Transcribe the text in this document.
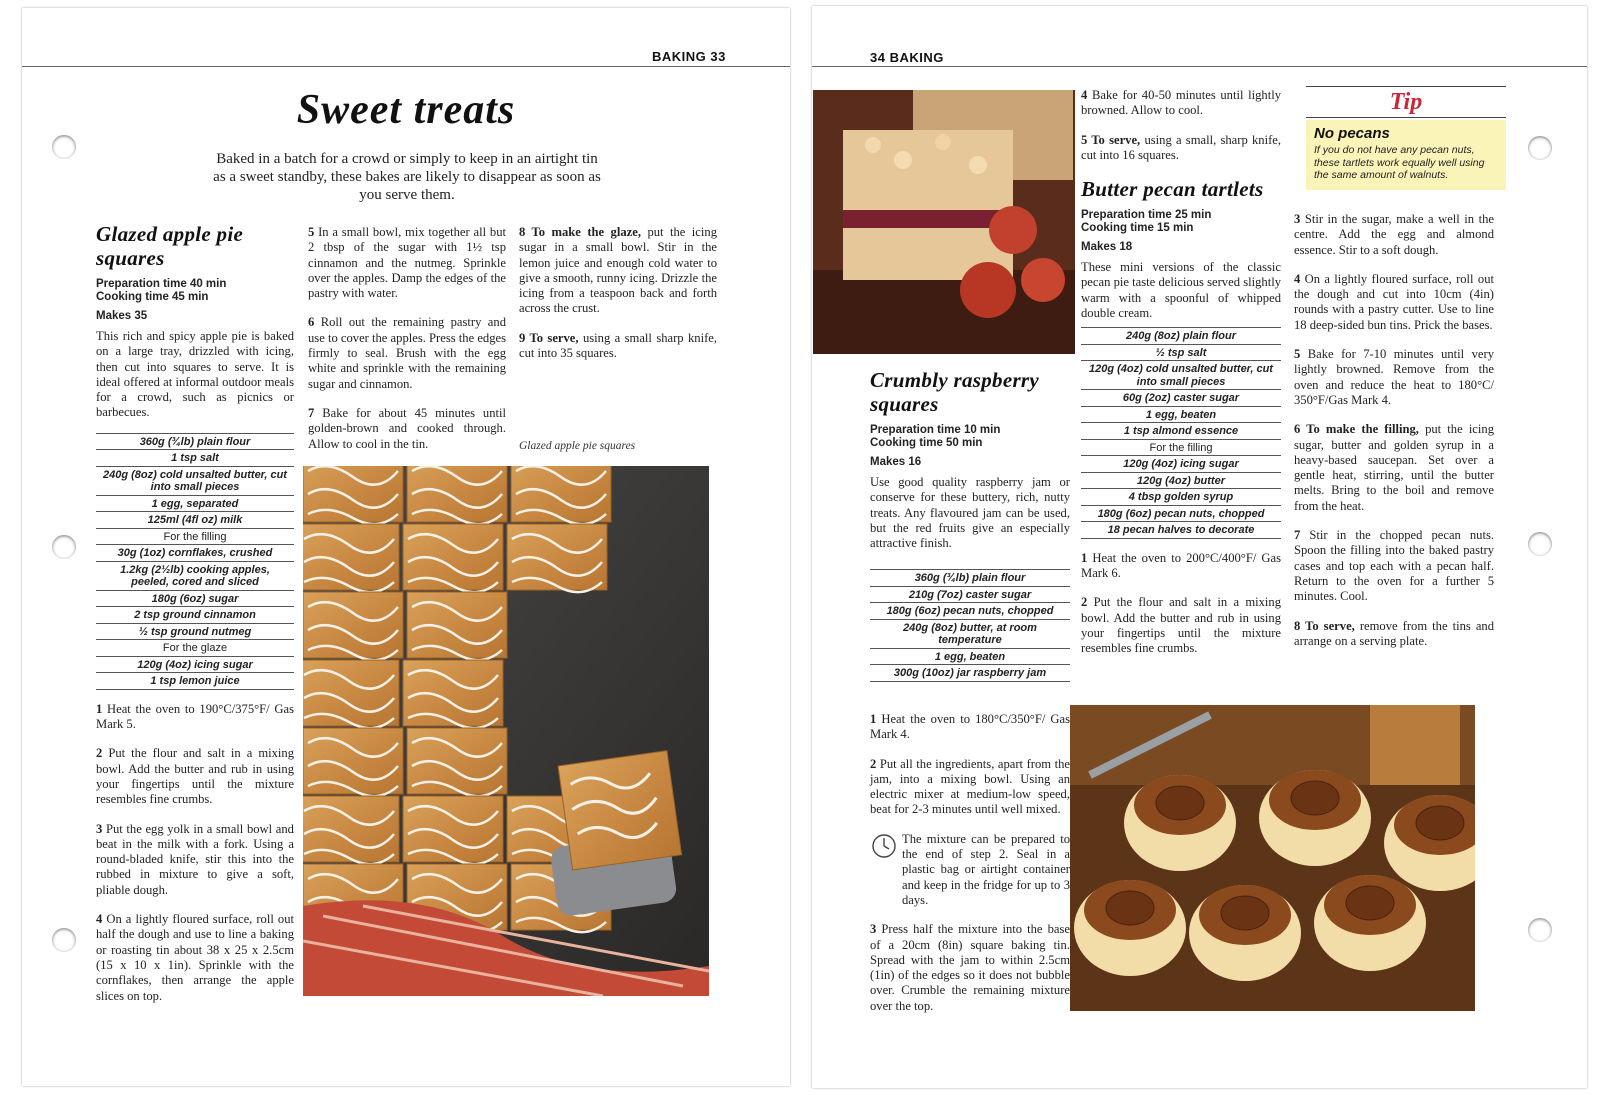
BAKING 33
Sweet treats
Baked in a batch for a crowd or simply to keep in an airtight tin as a sweet standby, these bakes are likely to disappear as soon as you serve them.
Glazed apple pie squares
Preparation time 40 min
Cooking time 45 min
Makes 35
This rich and spicy apple pie is baked on a large tray, drizzled with icing, then cut into squares to serve. It is ideal offered at informal outdoor meals for a crowd, such as picnics or barbecues.
360g (¾lb) plain flour
1 tsp salt
240g (8oz) cold unsalted butter, cut into small pieces
1 egg, separated
125ml (4fl oz) milk
For the filling
30g (1oz) cornflakes, crushed
1.2kg (2½lb) cooking apples, peeled, cored and sliced
180g (6oz) sugar
2 tsp ground cinnamon
½ tsp ground nutmeg
For the glaze
120g (4oz) icing sugar
1 tsp lemon juice

1 Heat the oven to 190°C/375°F/ Gas Mark 5.

2 Put the flour and salt in a mixing bowl. Add the butter and rub in using your fingertips until the mixture resembles fine crumbs.

3 Put the egg yolk in a small bowl and beat in the milk with a fork. Using a round-bladed knife, stir this into the rubbed in mixture to give a soft, pliable dough.

4 On a lightly floured surface, roll out half the dough and use to line a baking or roasting tin about 38 x 25 x 2.5cm (15 x 10 x 1in). Sprinkle with the cornflakes, then arrange the apple slices on top.

5 In a small bowl, mix together all but 2 tbsp of the sugar with 1½ tsp cinnamon and the nutmeg. Sprinkle over the apples. Damp the edges of the pastry with water.

6 Roll out the remaining pastry and use to cover the apples. Press the edges firmly to seal. Brush with the egg white and sprinkle with the remaining sugar and cinnamon.

7 Bake for about 45 minutes until golden-brown and cooked through. Allow to cool in the tin.

8 To make the glaze, put the icing sugar in a small bowl. Stir in the lemon juice and enough cold water to give a smooth, runny icing. Drizzle the icing from a teaspoon back and forth across the crust.

9 To serve, using a small sharp knife, cut into 35 squares.

Glazed apple pie squares
34 BAKING
Crumbly raspberry squares
Preparation time 10 min
Cooking time 50 min
Makes 16
Use good quality raspberry jam or conserve for these buttery, rich, nutty treats. Any flavoured jam can be used, but the red fruits give an especially attractive finish.
360g (¾lb) plain flour
210g (7oz) caster sugar
180g (6oz) pecan nuts, chopped
240g (8oz) butter, at room temperature
1 egg, beaten
300g (10oz) jar raspberry jam

1 Heat the oven to 180°C/350°F/ Gas Mark 4.

2 Put all the ingredients, apart from the jam, into a mixing bowl. Using an electric mixer at medium-low speed, beat for 2-3 minutes until well mixed.

The mixture can be prepared to the end of step 2. Seal in a plastic bag or airtight container and keep in the fridge for up to 3 days.

3 Press half the mixture into the base of a 20cm (8in) square baking tin. Spread with the jam to within 2.5cm (1in) of the edges so it does not bubble over. Crumble the remaining mixture over the top.

4 Bake for 40-50 minutes until lightly browned. Allow to cool.

5 To serve, using a small, sharp knife, cut into 16 squares.

Butter pecan tartlets
Preparation time 25 min
Cooking time 15 min
Makes 18
These mini versions of the classic pecan pie taste delicious served slightly warm with a spoonful of whipped double cream.
240g (8oz) plain flour
½ tsp salt
120g (4oz) cold unsalted butter, cut into small pieces
60g (2oz) caster sugar
1 egg, beaten
1 tsp almond essence
For the filling
120g (4oz) icing sugar
120g (4oz) butter
4 tbsp golden syrup
180g (6oz) pecan nuts, chopped
18 pecan halves to decorate

1 Heat the oven to 200°C/400°F/ Gas Mark 6.

2 Put the flour and salt in a mixing bowl. Add the butter and rub in using your fingertips until the mixture resembles fine crumbs.

3 Stir in the sugar, make a well in the centre. Add the egg and almond essence. Stir to a soft dough.

4 On a lightly floured surface, roll out the dough and cut into 10cm (4in) rounds with a pastry cutter. Use to line 18 deep-sided bun tins. Prick the bases.

5 Bake for 7-10 minutes until very lightly browned. Remove from the oven and reduce the heat to 180°C/ 350°F/Gas Mark 4.

6 To make the filling, put the icing sugar, butter and golden syrup in a heavy-based saucepan. Set over a gentle heat, stirring, until the butter melts. Bring to the boil and remove from the heat.

7 Stir in the chopped pecan nuts. Spoon the filling into the baked pastry cases and top each with a pecan half. Return to the oven for a further 5 minutes. Cool.

8 To serve, remove from the tins and arrange on a serving plate.

Tip
No pecans
If you do not have any pecan nuts, these tartlets work equally well using the same amount of walnuts.
